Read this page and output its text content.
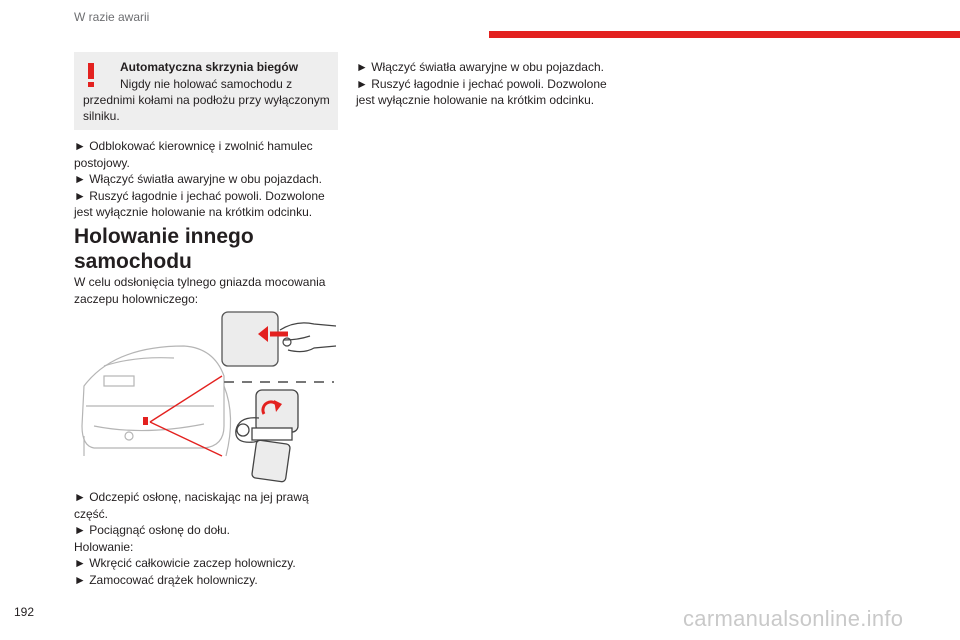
W razie awarii
Automatyczna skrzynia biegów
Nigdy nie holować samochodu z przednimi kołami na podłożu przy wyłączonym silniku.

► Odblokować kierownicę i zwolnić hamulec postojowy.

► Włączyć światła awaryjne w obu pojazdach.

► Ruszyć łagodnie i jechać powoli. Dozwolone jest wyłącznie holowanie na krótkim odcinku.

Holowanie innego samochodu
W celu odsłonięcia tylnego gniazda mocowania zaczepu holowniczego:

► Odczepić osłonę, naciskając na jej prawą część.

► Pociągnąć osłonę do dołu.

Holowanie:

► Wkręcić całkowicie zaczep holowniczy.

► Zamocować drążek holowniczy.

► Włączyć światła awaryjne w obu pojazdach.

► Ruszyć łagodnie i jechać powoli. Dozwolone jest wyłącznie holowanie na krótkim odcinku.

192	carmanualsonline.info
